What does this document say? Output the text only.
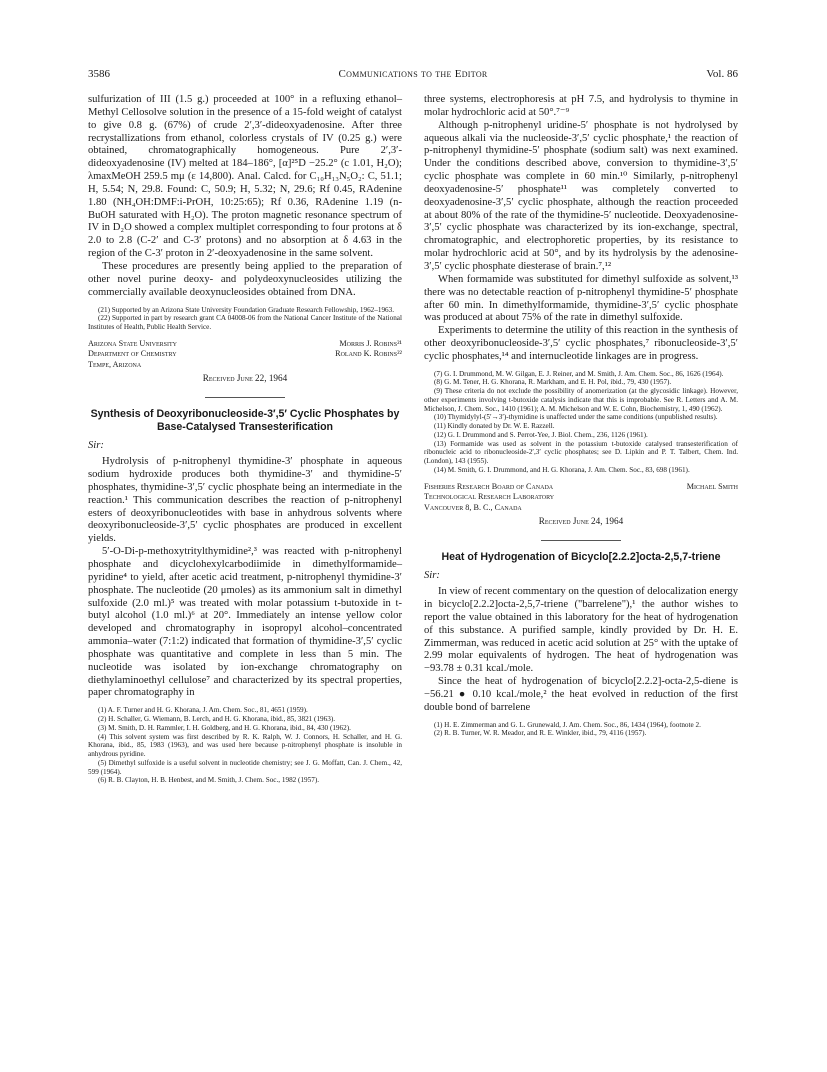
3586	Communications to the Editor	Vol. 86

sulfurization of III (1.5 g.) proceeded at 100° in a refluxing ethanol–Methyl Cellosolve solution in the presence of a 15-fold weight of catalyst to give 0.8 g. (67%) of crude 2′,3′-dideoxyadenosine. After three recrystallizations from ethanol, colorless crystals of IV (0.25 g.) were obtained, chromatographically homogeneous. Pure 2′,3′-dideoxyadenosine (IV) melted at 184–186°, [α]²⁵D −25.2° (c 1.01, H₂O); λmaxMeOH 259.5 mμ (ε 14,800). Anal. Calcd. for C₁₀H₁₃N₅O₂: C, 51.1; H, 5.54; N, 29.8. Found: C, 50.9; H, 5.32; N, 29.6; Rf 0.45, RAdenine 1.80 (NH₄OH:DMF:i-PrOH, 10:25:65); Rf 0.36, RAdenine 1.19 (n-BuOH saturated with H₂O). The proton magnetic resonance spectrum of IV in D₂O showed a complex multiplet corresponding to four protons at δ 2.0 to 2.8 (C-2′ and C-3′ protons) and no absorption at δ 4.63 in the region of the C-3′ proton in 2′-deoxyadenosine in the same solvent.

These procedures are presently being applied to the preparation of other novel purine deoxy- and polydeoxynucleosides utilizing the commercially available deoxynucleosides obtained from DNA.

(21) Supported by an Arizona State University Foundation Graduate Research Fellowship, 1962–1963.

(22) Supported in part by research grant CA 04008-06 from the National Cancer Institute of the National Institutes of Health, Public Health Service.

Arizona State University	Morris J. Robins²¹
Department of Chemistry	Roland K. Robins²²
Tempe, Arizona
Received June 22, 1964
Synthesis of Deoxyribonucleoside-3′,5′ Cyclic Phosphates by Base-Catalysed Transesterification
Sir:

Hydrolysis of p-nitrophenyl thymidine-3′ phosphate in aqueous sodium hydroxide produces both thymidine-3′ and thymidine-5′ phosphates, thymidine-3′,5′ cyclic phosphate being an intermediate in the reaction.¹ This communication describes the reaction of p-nitrophenyl esters of deoxyribonucleotides with base in anhydrous solvents where deoxyribonucleoside-3′,5′ cyclic phosphates are produced in excellent yields.

5′-O-Di-p-methoxytritylthymidine²,³ was reacted with p-nitrophenyl phosphate and dicyclohexylcarbodiimide in dimethylformamide–pyridine⁴ to yield, after acetic acid treatment, p-nitrophenyl thymidine-3′ phosphate. The nucleotide (20 μmoles) as its ammonium salt in dimethyl sulfoxide (2.0 ml.)⁵ was treated with molar potassium t-butoxide in t-butyl alcohol (1.0 ml.)⁶ at 20°. Immediately an intense yellow color developed and chromatography in isopropyl alcohol–concentrated ammonia–water (7:1:2) indicated that formation of thymidine-3′,5′ cyclic phosphate was quantitative and complete in less than 5 min. The nucleotide was isolated by ion-exchange chromatography on diethylaminoethyl cellulose⁷ and characterized by its spectral properties, paper chromatography in

(1) A. F. Turner and H. G. Khorana, J. Am. Chem. Soc., 81, 4651 (1959).

(2) H. Schaller, G. Wiemann, B. Lerch, and H. G. Khorana, ibid., 85, 3821 (1963).

(3) M. Smith, D. H. Rammler, I. H. Goldberg, and H. G. Khorana, ibid., 84, 430 (1962).

(4) This solvent system was first described by R. K. Ralph, W. J. Connors, H. Schaller, and H. G. Khorana, ibid., 85, 1983 (1963), and was used here because p-nitrophenyl phosphate is insoluble in anhydrous pyridine.

(5) Dimethyl sulfoxide is a useful solvent in nucleotide chemistry; see J. G. Moffatt, Can. J. Chem., 42, 599 (1964).

(6) R. B. Clayton, H. B. Henbest, and M. Smith, J. Chem. Soc., 1982 (1957).

three systems, electrophoresis at pH 7.5, and hydrolysis to thymine in molar hydrochloric acid at 50°.⁷⁻⁹

Although p-nitrophenyl uridine-5′ phosphate is not hydrolysed by aqueous alkali via the nucleoside-3′,5′ cyclic phosphate,¹ the reaction of p-nitrophenyl thymidine-5′ phosphate (sodium salt) was next examined. Under the conditions described above, conversion to thymidine-3′,5′ cyclic phosphate was complete in 60 min.¹⁰ Similarly, p-nitrophenyl deoxyadenosine-5′ phosphate¹¹ was completely converted to deoxyadenosine-3′,5′ cyclic phosphate, although the reaction proceeded at about 80% of the rate of the thymidine-5′ nucleotide. Deoxyadenosine-3′,5′ cyclic phosphate was characterized by its ion-exchange, spectral, chromatographic, and electrophoretic properties, by its resistance to molar hydrochloric acid at 50°, and by its hydrolysis by the adenosine-3′,5′ cyclic phosphate diesterase of brain.⁷,¹²

When formamide was substituted for dimethyl sulfoxide as solvent,¹³ there was no detectable reaction of p-nitrophenyl thymidine-5′ phosphate after 60 min. In dimethylformamide, thymidine-3′,5′ cyclic phosphate was produced at about 75% of the rate in dimethyl sulfoxide.

Experiments to determine the utility of this reaction in the synthesis of other deoxyribonucleoside-3′,5′ cyclic phosphates,⁷ ribonucleoside-3′,5′ cyclic phosphates,¹⁴ and internucleotide linkages are in progress.

(7) G. I. Drummond, M. W. Gilgan, E. J. Reiner, and M. Smith, J. Am. Chem. Soc., 86, 1626 (1964).

(8) G. M. Tener, H. G. Khorana, R. Markham, and E. H. Pol, ibid., 79, 430 (1957).

(9) These criteria do not exclude the possibility of anomerization (at the glycosidic linkage). However, other experiments involving t-butoxide catalysis indicate that this is improbable. See R. Letters and A. M. Michelson, J. Chem. Soc., 1410 (1961); A. M. Michelson and W. E. Cohn, Biochemistry, 1, 490 (1962).

(10) Thymidylyl-(5′→3′)-thymidine is unaffected under the same conditions (unpublished results).

(11) Kindly donated by Dr. W. E. Razzell.

(12) G. I. Drummond and S. Perrot-Yee, J. Biol. Chem., 236, 1126 (1961).

(13) Formamide was used as solvent in the potassium t-butoxide catalysed transesterification of ribonucleic acid to ribonucleoside-2′,3′ cyclic phosphates; see D. Lipkin and P. T. Talbert, Chem. Ind. (London), 143 (1955).

(14) M. Smith, G. I. Drummond, and H. G. Khorana, J. Am. Chem. Soc., 83, 698 (1961).

Fisheries Research Board of Canada	Michael Smith
Technological Research Laboratory
Vancouver 8, B. C., Canada
Received June 24, 1964
Heat of Hydrogenation of Bicyclo[2.2.2]octa-2,5,7-triene
Sir:

In view of recent commentary on the question of delocalization energy in bicyclo[2.2.2]octa-2,5,7-triene ("barrelene"),¹ the author wishes to report the value obtained in this laboratory for the heat of hydrogenation of this substance. A purified sample, kindly provided by Dr. H. E. Zimmerman, was reduced in acetic acid solution at 25° with the uptake of 2.99 molar equivalents of hydrogen. The heat of hydrogenation was −93.78 ± 0.31 kcal./mole.

Since the heat of hydrogenation of bicyclo[2.2.2]-octa-2,5-diene is −56.21 ● 0.10 kcal./mole,² the heat evolved in reduction of the first double bond of barrelene

(1) H. E. Zimmerman and G. L. Grunewald, J. Am. Chem. Soc., 86, 1434 (1964), footnote 2.

(2) R. B. Turner, W. R. Meador, and R. E. Winkler, ibid., 79, 4116 (1957).
